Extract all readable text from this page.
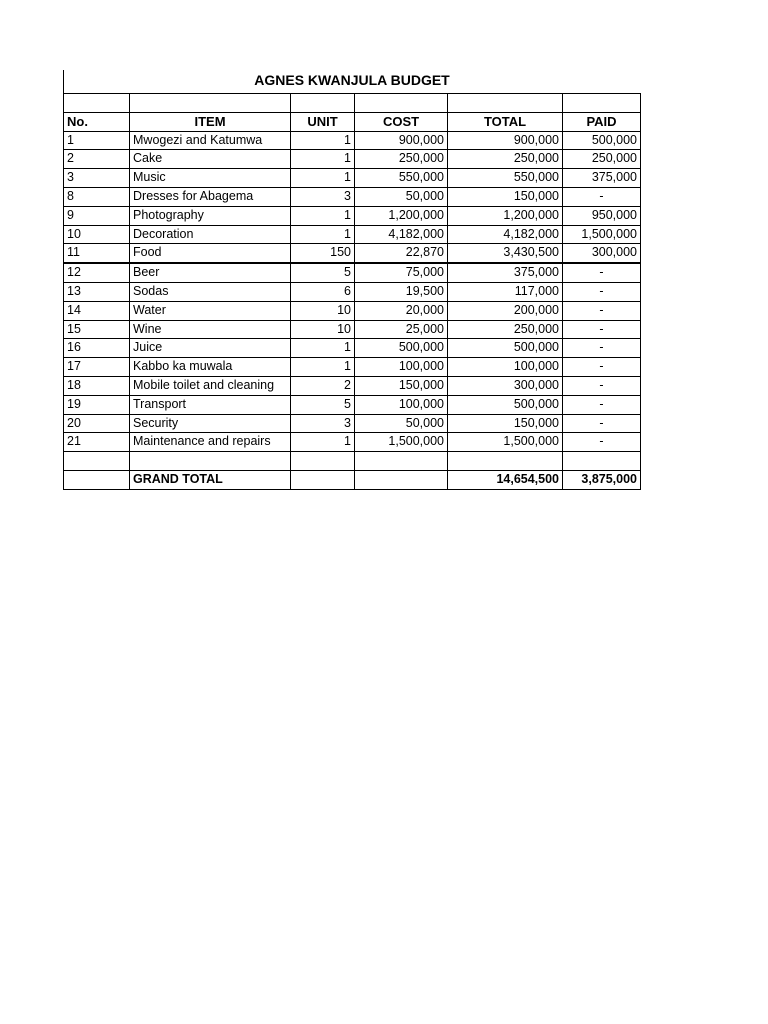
AGNES KWANJULA BUDGET

No.	ITEM	UNIT	COST	TOTAL	PAID
1	Mwogezi and Katumwa	1	900,000	900,000	500,000
2	Cake	1	250,000	250,000	250,000
3	Music	1	550,000	550,000	375,000
8	Dresses for Abagema	3	50,000	150,000	-
9	Photography	1	1,200,000	1,200,000	950,000
10	Decoration	1	4,182,000	4,182,000	1,500,000
11	Food	150	22,870	3,430,500	300,000
12	Beer	5	75,000	375,000	-
13	Sodas	6	19,500	117,000	-
14	Water	10	20,000	200,000	-
15	Wine	10	25,000	250,000	-
16	Juice	1	500,000	500,000	-
17	Kabbo ka muwala	1	100,000	100,000	-
18	Mobile toilet and cleaning	2	150,000	300,000	-
19	Transport	5	100,000	500,000	-
20	Security	3	50,000	150,000	-
21	Maintenance and repairs	1	1,500,000	1,500,000	-

	GRAND TOTAL			14,654,500	3,875,000
